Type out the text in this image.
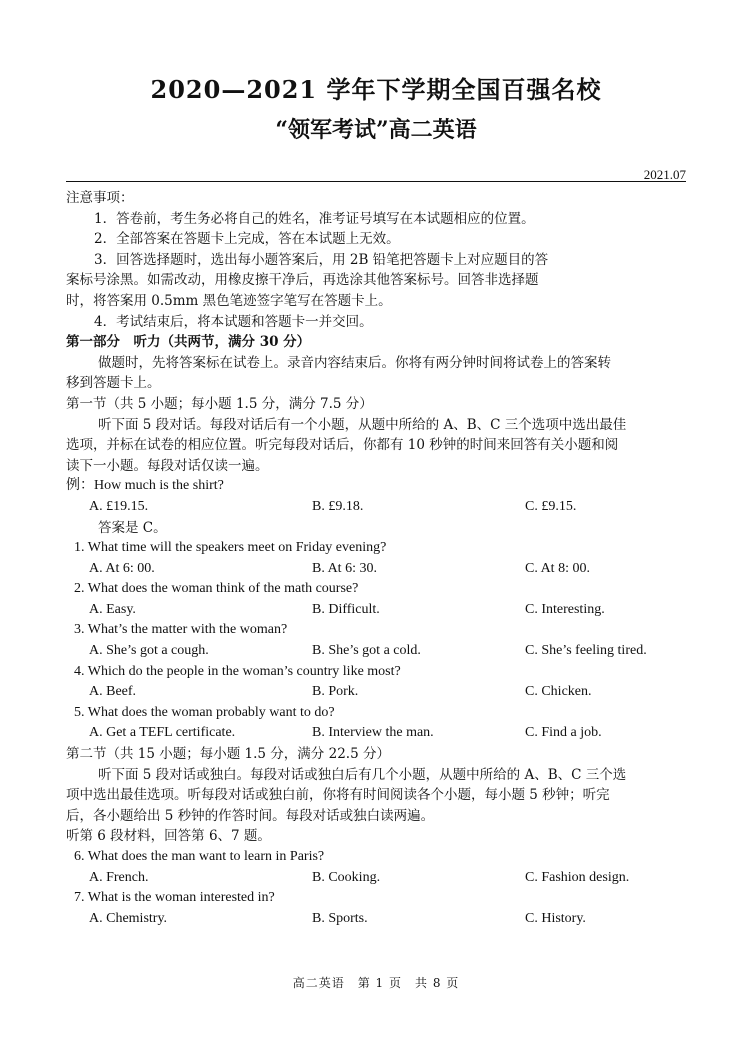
2020—2021 学年下学期全国百强名校
“领军考试”高二英语
2021.07
注意事项：
1．答卷前，考生务必将自己的姓名，准考证号填写在本试题相应的位置。
2．全部答案在答题卡上完成，答在本试题上无效。
3．回答选择题时，选出每小题答案后，用 2B 铅笔把答题卡上对应题目的答
案标号涂黑。如需改动，用橡皮擦干净后，再选涂其他答案标号。回答非选择题
时，将答案用 0.5mm 黑色笔迹签字笔写在答题卡上。
4．考试结束后，将本试题和答题卡一并交回。
第一部分　听力（共两节，满分 30 分）
做题时，先将答案标在试卷上。录音内容结束后。你将有两分钟时间将试卷上的答案转
移到答题卡上。
第一节（共 5 小题；每小题 1.5 分，满分 7.5 分）
听下面 5 段对话。每段对话后有一个小题，从题中所给的 A、B、C 三个选项中选出最佳
选项，并标在试卷的相应位置。听完每段对话后，你都有 10 秒钟的时间来回答有关小题和阅
读下一小题。每段对话仅读一遍。
例：How much is the shirt?
A. £19.15.	B. £9.18.	C. £9.15.
答案是 C。
1. What time will the speakers meet on Friday evening?
A. At 6: 00.	B. At 6: 30.	C. At 8: 00.
2. What does the woman think of the math course?
A. Easy.	B. Difficult.	C. Interesting.
3. What’s the matter with the woman?
A. She’s got a cough.	B. She’s got a cold.	C. She’s feeling tired.
4. Which do the people in the woman’s country like most?
A. Beef.	B. Pork.	C. Chicken.
5. What does the woman probably want to do?
A. Get a TEFL certificate.	B. Interview the man.	C. Find a job.
第二节（共 15 小题；每小题 1.5 分，满分 22.5 分）
听下面 5 段对话或独白。每段对话或独白后有几个小题，从题中所给的 A、B、C 三个选
项中选出最佳选项。听每段对话或独白前，你将有时间阅读各个小题，每小题 5 秒钟；听完
后，各小题给出 5 秒钟的作答时间。每段对话或独白读两遍。
听第 6 段材料，回答第 6、7 题。
6. What does the man want to learn in Paris?
A. French.	B. Cooking.	C. Fashion design.
7. What is the woman interested in?
A. Chemistry.	B. Sports.	C. History.
高二英语　第 1 页　共 8 页
